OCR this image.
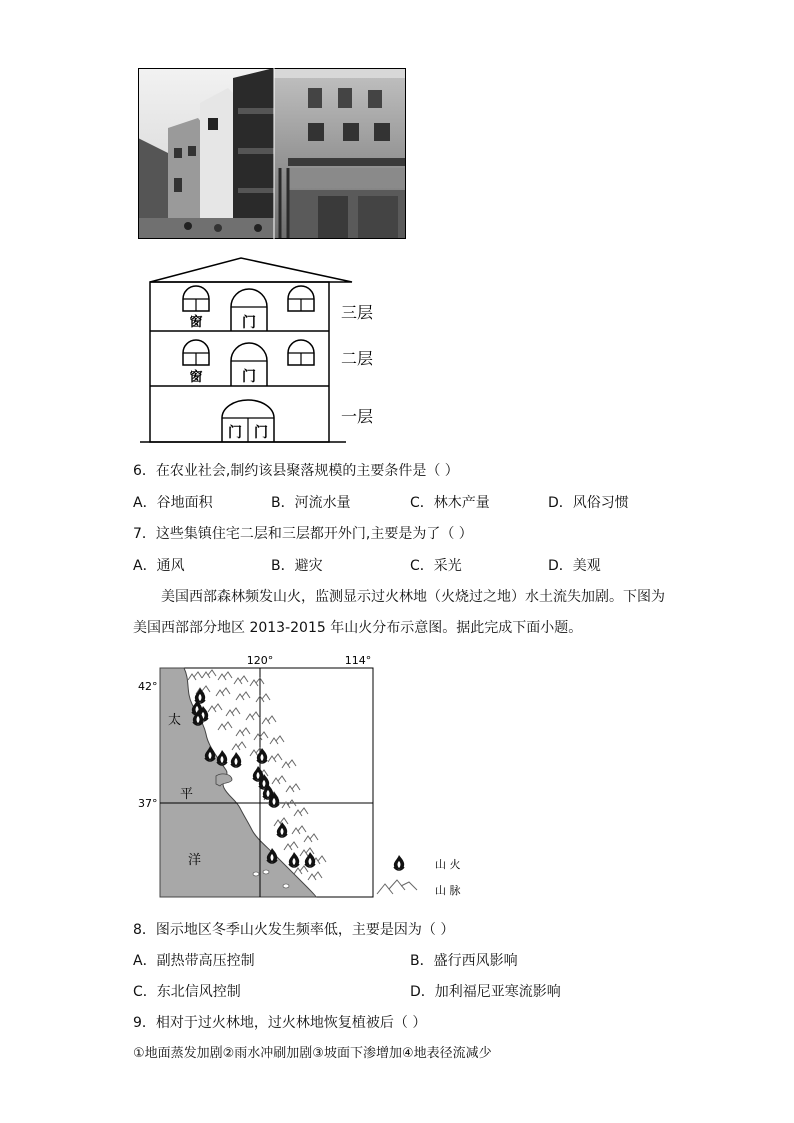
窗	门
窗	门
门 门
三层
二层
一层
6．在农业社会,制约该县聚落规模的主要条件是（ ）
A．谷地面积	B．河流水量	C．林木产量	D．风俗习惯
7．这些集镇住宅二层和三层都开外门,主要是为了（ ）
A．通风	B．避灾	C．采光	D．美观
美国西部森林频发山火，监测显示过火林地（火烧过之地）水土流失加剧。下图为
美国西部部分地区 2013-2015 年山火分布示意图。据此完成下面小题。
120°	114°
42°
37°
太
平
洋	山 火
山 脉
8．图示地区冬季山火发生频率低，主要是因为（ ）
A．副热带高压控制	B．盛行西风影响
C．东北信风控制	D．加利福尼亚寒流影响
9．相对于过火林地，过火林地恢复植被后（ ）
①地面蒸发加剧②雨水冲刷加剧③坡面下渗增加④地表径流减少
